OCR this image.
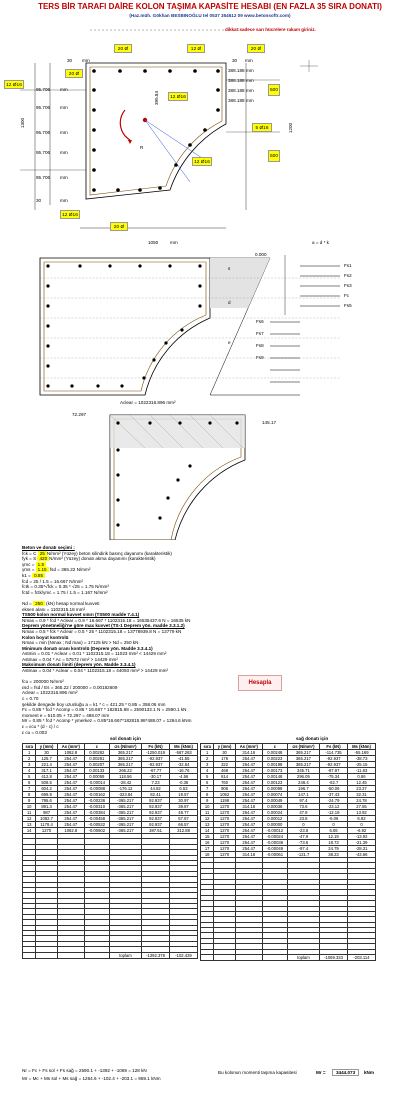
TERS BİR TARAFI DAİRE KOLON TAŞIMA KAPASİTE HESABI (EN FAZLA 35 SIRA DONATI)
(Haz.müh. Gökhan BESBINOĞLU tel 0537 354612 09 www.betonsoftr.com)
dikkat:sadece sarı hücrelere rakam giriniz.
20 Ø	12 Ø	20 Ø
12 Ø16
12 Ø16
5 Ø16
12 Ø16
12 Ø16
20 Ø
20 Ø
30 mm	30 mm
95.706 mm
95.706 mm
95.706 mm
95.706 mm
95.706 mm
30	mm
388.188 mm
388.188 mm
388.188 mm
388.188 mm
500
500
1300	1200
1050	mm
395.84
R
a = d * k
0.000
s
d
e
Fs1
Fs2
Fs3
Fc
Fs5
Fs6
Fs7
Fs8
Fs9
Aclear = 1022316.896 mm²
72.297
145.17
Beton ve donatı seçimi :
fck = C 25 N/mm² (Yüzey) beton silindirik basınç dayanımı (karakteristik)
fyk = S 420 N/mm² (Yüzey) donatı akma dayanımı (karakteristik)
γmc = 1.5
γms = 1.15 fsd = 365.22 N/mm²
k1 = 0.85
fcd = 25 / 1.5 = 16.667 N/mm²
fctk = 0.35*√fck = 0.35 * √25 = 1.75 N/mm²
fctd = fctk/γmc = 1.75 / 1.5 = 1.167 N/mm²
Nd = 250 (kN) hesap normal kuvveti
eksen alanı = 1102315.18 mm²
TS500 kolon normal kuvvet sınırı (TS500 madde 7.4.1)
Nmax = 0.9 * fcd * Aclear = 0.9 * 16.667 * 1102315.18 = 16535437.6 N = 16535 kN
Deprem yönetmeliği'ne göre max kuvvet (TS-1 Deprem yön. madde 3.3.1.2)
Nmax = 0.5 * fck * Aclear = 0.5 * 25 * 1102315.18 = 13778939.8 N = 13779 kN
Kolon boyut kontrolü
Nmax = min (Nmax ; Nd max) = 17125 kN > Nd = 250 kN
Minimum donatı oranı kontrolü (Deprem yön. Madde 3.3.4.1)
Astmin = 0.01 * Aclear = 0.01 * 1102315.18 = 11023 mm² < 14429 mm²
Astmax = 0.04 * Ac = 57572 mm² > 14429 mm²
Maksimum donatı limiti (deprem yön. Madde 3.3.4.1)
Astmax = 0.04 * Aclear = 0.04 * 1102315.18 = 44093 mm² > 14429 mm²
fcu = 200000 N/mm²
εsd = fsd / Es = 365.22 / 200000 = 0.00182609
Aclear = 1022316.896 mm²
c = 0.70
şekilde dengede boy uzunluğu a = k1 * c = 421.25 * 0.85 = 358.06 mm
Fc = 0.85 * fcd * Acomp = 0.85 * 16.667 * 182815.98 = 2590132.1 N = 2590.1 kN
moment e = 510.05 + 72.297 = 488.07 mm
Mr = 0.85 * fcd * Acomp * ymerkez = 0.85*16.667*182815.98*488.07 = 1264.6 kNm
ε = εcu * (d - c) / c
ε cu = 0.003
Hesapla
sol donatı için	sağ donatı için
sıra	y (mm)	As (mm²)	ε	σs (N/mm²)	Fs (kN)	Ms (kNm)
1	30	1062.8	0.00282	365.217	-1250.019	-567.263
2	125.7	254.47	0.00281	365.217	-92.937	-41.55
3	221.4	254.47	0.00207	365.217	-92.937	-32.64
4	317.1	254.47	0.00133	266.22	-67.77	-16.76
5	412.8	254.47	0.00059	118.56	-30.17	-4.56
6	508.5	254.47	-0.00014	-28.42	7.23	-0.36
7	604.2	254.47	-0.00088	-176.12	44.82	6.53
8	699.9	254.47	-0.00162	-323.84	82.41	19.57
9	795.6	254.47	-0.00236	-365.217	92.937	30.97
10	891.3	254.47	-0.00310	-365.217	92.937	39.87
11	987	254.47	-0.00384	-365.217	92.937	48.77
12	1082.7	254.47	-0.00458	-365.217	92.937	57.67
13	1178.4	254.47	-0.00532	-365.217	92.937	66.57
14	1270	1062.8	-0.00602	-365.217	387.51	312.88

				toplam	-1392.378	-102.429
sıra	y (mm)	As (mm²)	ε	σs (N/mm²)	Fs (kN)	Ms (kNm)
1	30	314.16	0.00248	365.217	-114.735	-55.169
2	176	254.47	0.00223	365.217	-92.937	-38.73
3	322	254.47	0.00198	365.217	-92.937	-25.15
4	468	254.47	0.00173	345.71	-87.97	-11.83
5	614	254.47	0.00148	296.05	-75.34	0.86
6	760	254.47	0.00123	246.4	-62.7	12.45
7	906	254.47	0.00098	196.7	-50.06	23.27
8	1052	254.47	0.00074	147.1	-37.43	32.31
9	1198	254.47	0.00049	97.4	-24.79	24.78
10	1270	314.16	0.00036	73.6	-23.12	27.55
11	1270	254.47	0.00024	47.9	-12.19	13.92
12	1270	254.47	0.00012	23.8	-6.06	6.92
13	1270	254.47	0.00000	0	0	0
14	1270	254.47	-0.00012	-23.8	6.06	-6.92
15	1270	254.47	-0.00024	-47.9	12.19	-13.92
16	1270	254.47	-0.00036	-73.6	18.73	-21.39
17	1270	254.47	-0.00049	-97.4	24.79	-28.31
18	1270	314.16	-0.00061	-121.7	38.23	-43.66

				toplam	-1069.333	-203.114
Nr = Fc + Fs sol + Fs sağ = 2590.1 + -1392 + -1069 = 128 kN
Mr = Mc + Ms sol + Ms sağ = 1264.6 + -102.4 + -203.1 = 959.1 kNm
Bu kolonun momenti taşıma kapasitesi	Mr =	3444.073	kNm
